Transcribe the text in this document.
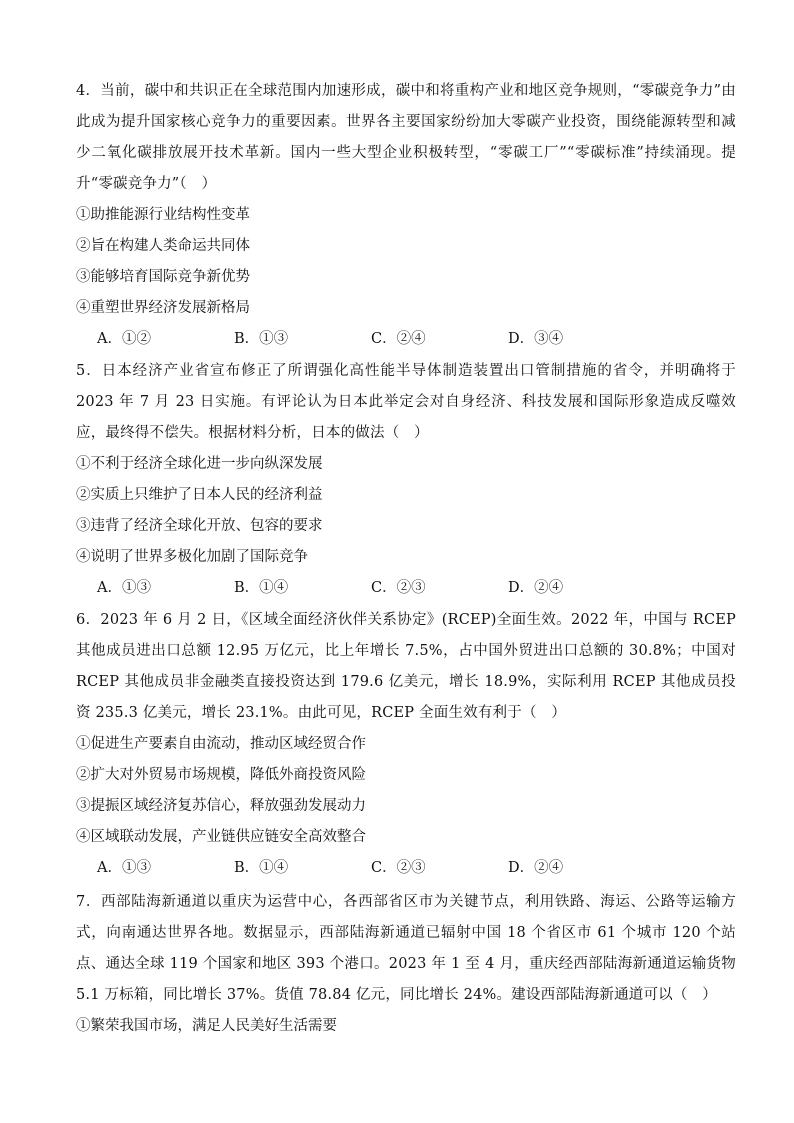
4．当前，碳中和共识正在全球范围内加速形成，碳中和将重构产业和地区竞争规则，“零碳竞争力”由此成为提升国家核心竞争力的重要因素。世界各主要国家纷纷加大零碳产业投资，围绕能源转型和减少二氧化碳排放展开技术革新。国内一些大型企业积极转型，“零碳工厂”“零碳标准”持续涌现。提升“零碳竞争力”（　）

①助推能源行业结构性变革

②旨在构建人类命运共同体

③能够培育国际竞争新优势

④重塑世界经济发展新格局

A．①②	B．①③	C．②④	D．③④

5．日本经济产业省宣布修正了所谓强化高性能半导体制造装置出口管制措施的省令，并明确将于 2023 年 7 月 23 日实施。有评论认为日本此举定会对自身经济、科技发展和国际形象造成反噬效应，最终得不偿失。根据材料分析，日本的做法（　）

①不利于经济全球化进一步向纵深发展

②实质上只维护了日本人民的经济利益

③违背了经济全球化开放、包容的要求

④说明了世界多极化加剧了国际竞争

A．①③	B．①④	C．②③	D．②④

6．2023 年 6 月 2 日，《区域全面经济伙伴关系协定》(RCEP)全面生效。2022 年，中国与 RCEP 其他成员进出口总额 12.95 万亿元，比上年增长 7.5%，占中国外贸进出口总额的 30.8%；中国对 RCEP 其他成员非金融类直接投资达到 179.6 亿美元，增长 18.9%，实际利用 RCEP 其他成员投资 235.3 亿美元，增长 23.1%。由此可见，RCEP 全面生效有利于（　）

①促进生产要素自由流动，推动区域经贸合作

②扩大对外贸易市场规模，降低外商投资风险

③提振区域经济复苏信心，释放强劲发展动力

④区域联动发展，产业链供应链安全高效整合

A．①③	B．①④	C．②③	D．②④

7．西部陆海新通道以重庆为运营中心，各西部省区市为关键节点，利用铁路、海运、公路等运输方式，向南通达世界各地。数据显示，西部陆海新通道已辐射中国 18 个省区市 61 个城市 120 个站点、通达全球 119 个国家和地区 393 个港口。2023 年 1 至 4 月，重庆经西部陆海新通道运输货物 5.1 万标箱，同比增长 37%。货值 78.84 亿元，同比增长 24%。建设西部陆海新通道可以（　）

①繁荣我国市场，满足人民美好生活需要
